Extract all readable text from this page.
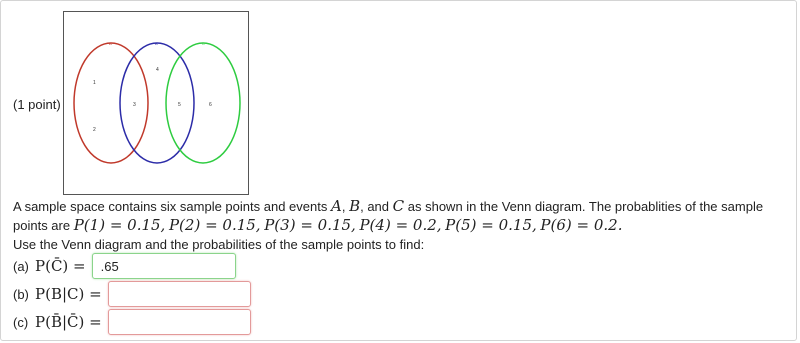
(1 point)
A	B	C
1
2
3
4
5	6
A sample space contains six sample points and events A, B, and C as shown in the Venn diagram. The probablities of the sample
points are P(1) = 0.15, P(2) = 0.15, P(3) = 0.15, P(4) = 0.2, P(5) = 0.15, P(6) = 0.2.
Use the Venn diagram and the probabilities of the sample points to find:
(a) P(C̄) =
.65
(b) P(B|C) =
(c) P(B̄|C̄) =
